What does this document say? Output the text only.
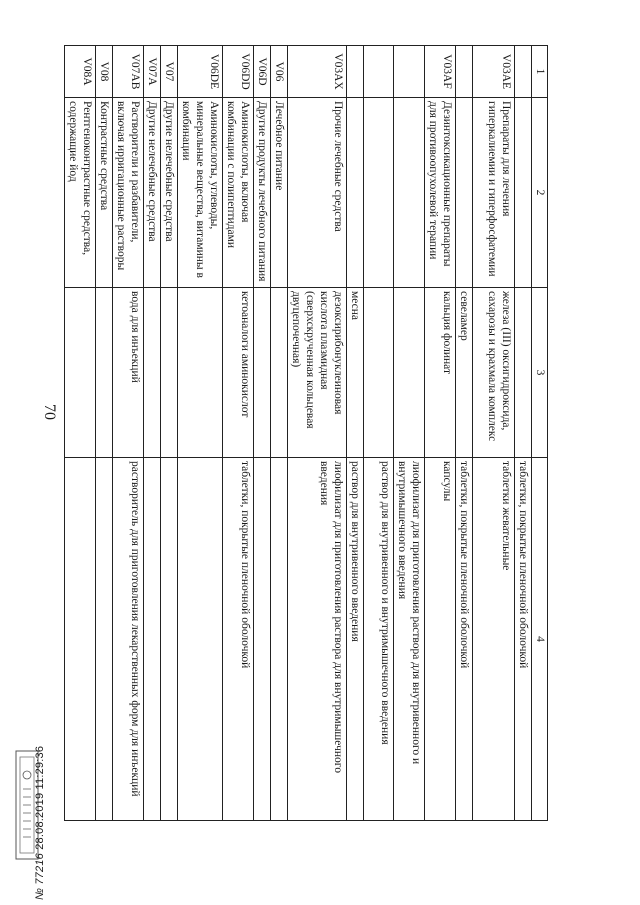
70
1	2	3	4
			таблетки, покрытые пленочной оболочкой
V03AE	Препараты для лечения гиперкалиемии и гиперфосфатемии	железа (III) оксигидроксида, сахарозы и крахмала комплекс	таблетки жевательные
		севеламер	таблетки, покрытые пленочной оболочкой
V03AF	Дезинтоксикационные препараты для противоопухолевой терапии	кальция фолинат	капсулы
			лиофилизат для приготовления раствора для внутривенного и внутримышечного введения
			раствор для внутривенного и внутримышечного введения
		месна	раствор для внутривенного введения
V03AX	Прочие лечебные средства	дезоксирибонуклеиновая кислота плазмидная (сверхскрученная кольцевая двуцепочечная)	лиофилизат для приготовления раствора для внутримышечного введения
V06	Лечебное питание		
V06D	Другие продукты лечебного питания		
V06DD	Аминокислоты, включая комбинации с полипептидами	кетоаналоги аминокислот	таблетки, покрытые пленочной оболочкой
V06DE	Аминокислоты, углеводы, минеральные вещества, витамины в комбинации		
V07	Другие нелечебные средства		
V07A	Другие нелечебные средства		
V07AB	Растворители и разбавители, включая ирригационные растворы	вода для инъекций	растворитель для приготовления лекарственных форм для инъекций
V08	Контрастные средства		
V08A	Рентгеноконтрастные средства, содержащие йод		
№ 77216 28.08.2019 11:29:36
